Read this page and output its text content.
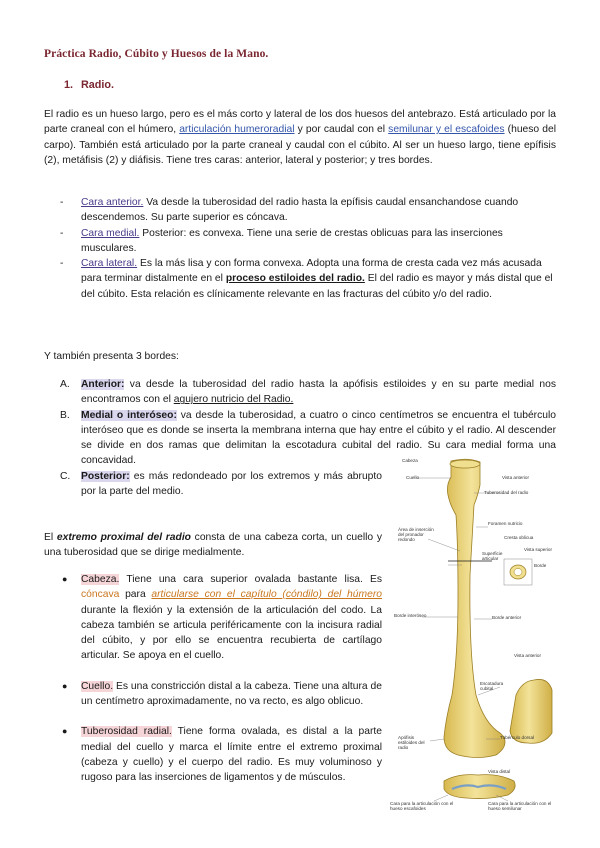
Práctica Radio, Cúbito y Huesos de la Mano.
1. Radio.

El radio es un hueso largo, pero es el más corto y lateral de los dos huesos del antebrazo. Está articulado por la parte craneal con el húmero, articulación humeroradial y por caudal con el semilunar y el escafoides (hueso del carpo). También está articulado por la parte craneal y caudal con el cúbito. Al ser un hueso largo, tiene epífisis (2), metáfisis (2) y diáfisis. Tiene tres caras: anterior, lateral y posterior; y tres bordes.

- Cara anterior. Va desde la tuberosidad del radio hasta la epífisis caudal ensanchandose cuando descendemos. Su parte superior es cóncava.
- Cara medial. Posterior: es convexa. Tiene una serie de crestas oblicuas para las inserciones musculares.
- Cara lateral. Es la más lisa y con forma convexa. Adopta una forma de cresta cada vez más acusada para terminar distalmente en el proceso estiloides del radio. El del radio es mayor y más distal que el del cúbito. Esta relación es clínicamente relevante en las fracturas del cúbito y/o del radio.

Y también presenta 3 bordes:

A. Anterior: va desde la tuberosidad del radio hasta la apófisis estiloides y en su parte medial nos encontramos con el agujero nutricio del Radio.
B. Medial o interóseo: va desde la tuberosidad, a cuatro o cinco centímetros se encuentra el tubérculo interóseo que es donde se inserta la membrana interna que hay entre el cúbito y el radio. Al descender se divide en dos ramas que delimitan la escotadura cubital del radio. Su cara medial forma una concavidad.
C. Posterior: es más redondeado por los extremos y más abrupto por la parte del medio.

El extremo proximal del radio consta de una cabeza corta, un cuello y una tuberosidad que se dirige medialmente.

● Cabeza. Tiene una cara superior ovalada bastante lisa. Es cóncava para articularse con el capítulo (cóndilo) del húmero durante la flexión y la extensión de la articulación del codo. La cabeza también se articula periféricamente con la incisura radial del cúbito, y por ello se encuentra recubierta de cartílago articular. Se apoya en el cuello.
● Cuello. Es una constricción distal a la cabeza. Tiene una altura de un centímetro aproximadamente, no va recto, es algo oblicuo.
● Tuberosidad radial. Tiene forma ovalada, es distal a la parte medial del cuello y marca el límite entre el extremo proximal (cabeza y cuello) y el cuerpo del radio. Es muy voluminoso y rugoso para las inserciones de ligamentos y de músculos.
Cabeza
Vista anterior
Cuello
Tuberosidad del radio
Foramen nutricio
Cresta oblicua
Área de inserción del pronador redondo
Superficie articular
Vista superior
Borde
Borde interóseo	Borde anterior
Vista anterior
Escotadura cubital
Tubérculo dorsal
Apófisis estiloides del radio
Vista distal
Cara para la articulación con el hueso escafoides
Cara para la articulación con el hueso semilunar
